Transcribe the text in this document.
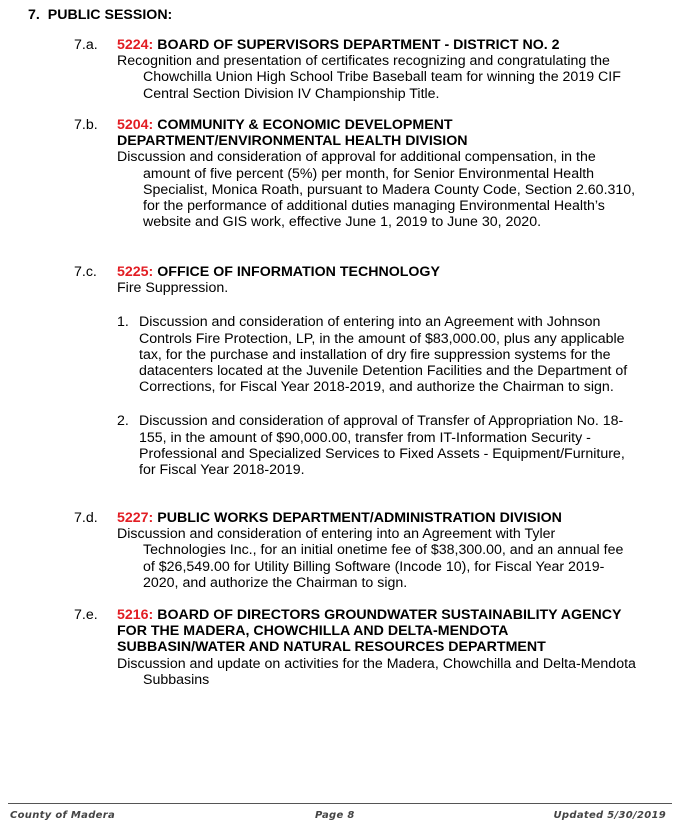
7. PUBLIC SESSION:
7.a.	5224: BOARD OF SUPERVISORS DEPARTMENT - DISTRICT NO. 2
Recognition and presentation of certificates recognizing and congratulating the Chowchilla Union High School Tribe Baseball team for winning the 2019 CIF Central Section Division IV Championship Title.
7.b.	5204: COMMUNITY & ECONOMIC DEVELOPMENT DEPARTMENT/ENVIRONMENTAL HEALTH DIVISION
Discussion and consideration of approval for additional compensation, in the amount of five percent (5%) per month, for Senior Environmental Health Specialist, Monica Roath, pursuant to Madera County Code, Section 2.60.310, for the performance of additional duties managing Environmental Health’s website and GIS work, effective June 1, 2019 to June 30, 2020.
7.c.	5225: OFFICE OF INFORMATION TECHNOLOGY
Fire Suppression.
1. Discussion and consideration of entering into an Agreement with Johnson Controls Fire Protection, LP, in the amount of $83,000.00, plus any applicable tax, for the purchase and installation of dry fire suppression systems for the datacenters located at the Juvenile Detention Facilities and the Department of Corrections, for Fiscal Year 2018-2019, and authorize the Chairman to sign.
2. Discussion and consideration of approval of Transfer of Appropriation No. 18-155, in the amount of $90,000.00, transfer from IT-Information Security - Professional and Specialized Services to Fixed Assets - Equipment/Furniture, for Fiscal Year 2018-2019.
7.d.	5227: PUBLIC WORKS DEPARTMENT/ADMINISTRATION DIVISION
Discussion and consideration of entering into an Agreement with Tyler Technologies Inc., for an initial onetime fee of $38,300.00, and an annual fee of $26,549.00 for Utility Billing Software (Incode 10), for Fiscal Year 2019-2020, and authorize the Chairman to sign.
7.e.	5216: BOARD OF DIRECTORS GROUNDWATER SUSTAINABILITY AGENCY FOR THE MADERA, CHOWCHILLA AND DELTA-MENDOTA SUBBASIN/WATER AND NATURAL RESOURCES DEPARTMENT
Discussion and update on activities for the Madera, Chowchilla and Delta-Mendota Subbasins
County of Madera	Page 8	Updated 5/30/2019
